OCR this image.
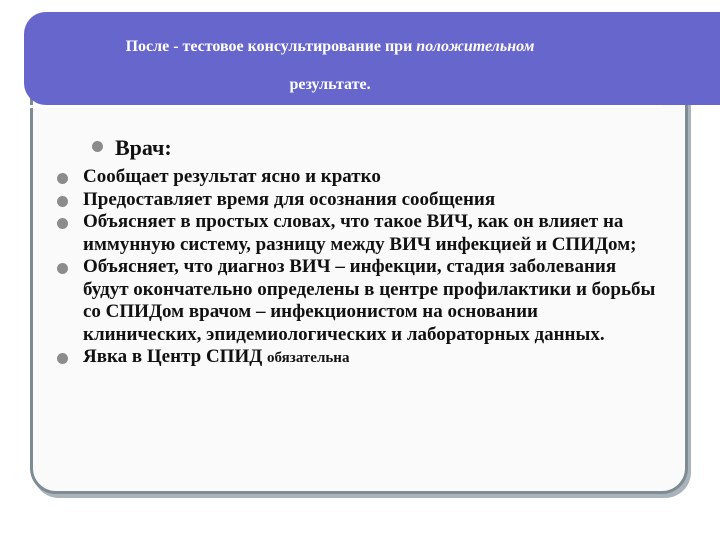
После - тестовое консультирование при положительном
результате.
Врач:
Сообщает результат ясно и кратко
Предоставляет время для осознания сообщения
Объясняет в простых словах, что такое ВИЧ, как он влияет на иммунную систему, разницу между ВИЧ инфекцией и СПИДом;
Объясняет, что диагноз ВИЧ – инфекции, стадия заболевания будут окончательно определены в центре профилактики и борьбы со СПИДом врачом – инфекционистом на основании клинических, эпидемиологических и лабораторных данных.
Явка в Центр СПИД обязательна
